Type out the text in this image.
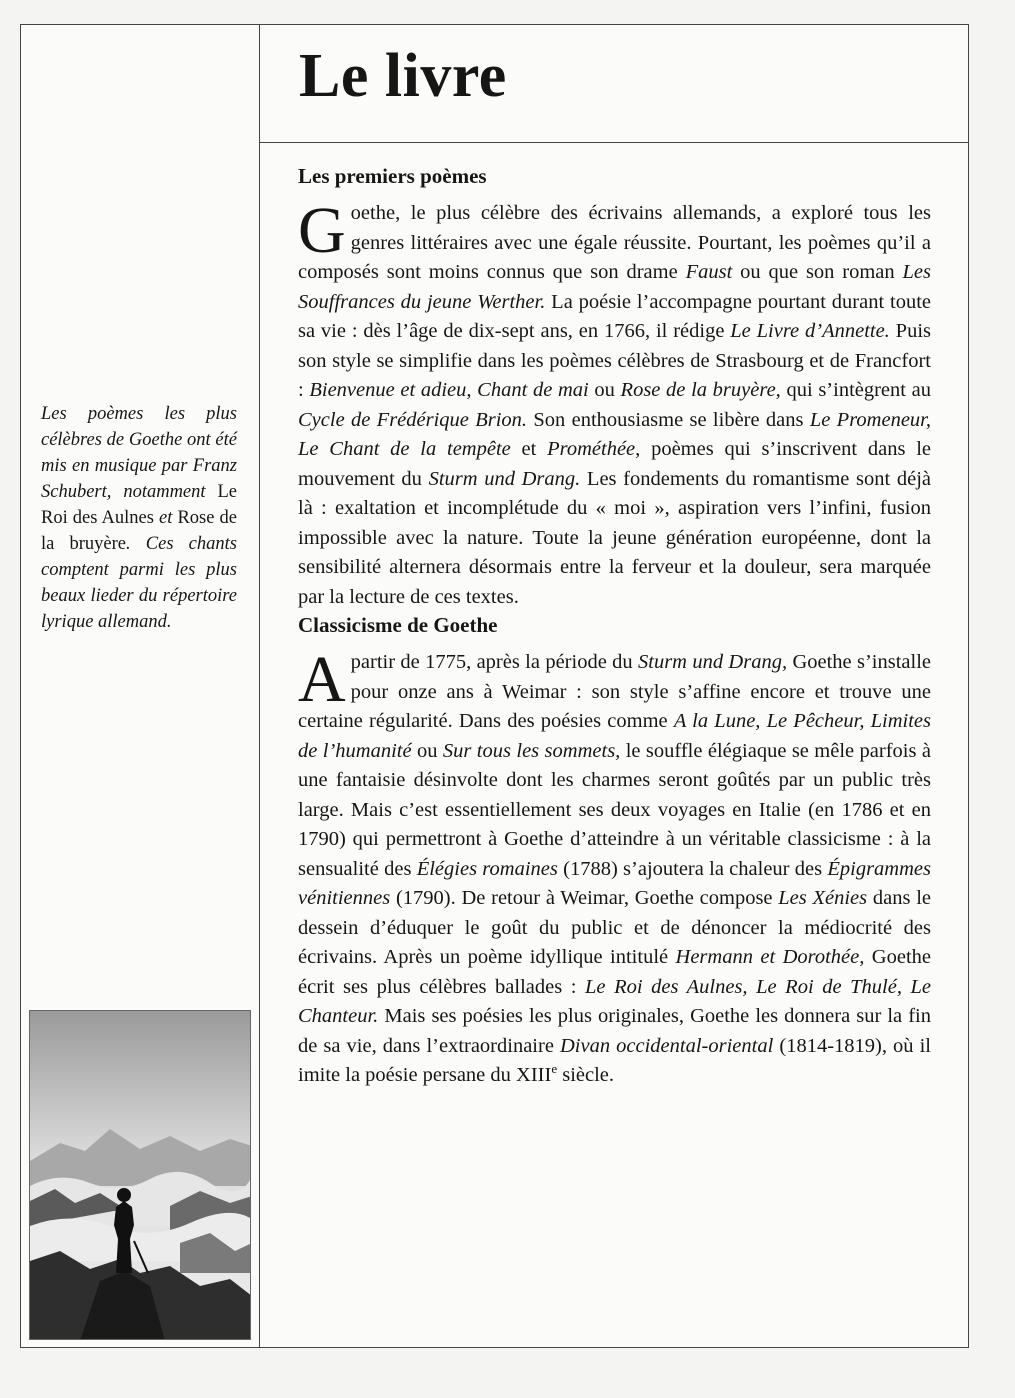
Le livre
Les poèmes les plus célèbres de Goethe ont été mis en musique par Franz Schubert, notamment Le Roi des Aulnes et Rose de la bruyère. Ces chants comptent parmi les plus beaux lieder du répertoire lyrique allemand.
Les premiers poèmes

Goethe, le plus célèbre des écrivains allemands, a exploré tous les genres littéraires avec une égale réussite. Pourtant, les poèmes qu’il a composés sont moins connus que son drame Faust ou que son roman Les Souffrances du jeune Werther. La poésie l’accompagne pourtant durant toute sa vie : dès l’âge de dix-sept ans, en 1766, il rédige Le Livre d’Annette. Puis son style se simplifie dans les poèmes célèbres de Strasbourg et de Francfort : Bienvenue et adieu, Chant de mai ou Rose de la bruyère, qui s’intègrent au Cycle de Frédérique Brion. Son enthousiasme se libère dans Le Promeneur, Le Chant de la tempête et Prométhée, poèmes qui s’inscrivent dans le mouvement du Sturm und Drang. Les fondements du romantisme sont déjà là : exaltation et incomplétude du « moi », aspiration vers l’infini, fusion impossible avec la nature. Toute la jeune génération européenne, dont la sensibilité alternera désormais entre la ferveur et la douleur, sera marquée par la lecture de ces textes.

Classicisme de Goethe

A partir de 1775, après la période du Sturm und Drang, Goethe s’installe pour onze ans à Weimar : son style s’affine encore et trouve une certaine régularité. Dans des poésies comme A la Lune, Le Pêcheur, Limites de l’humanité ou Sur tous les sommets, le souffle élégiaque se mêle parfois à une fantaisie désinvolte dont les charmes seront goûtés par un public très large. Mais c’est essentiellement ses deux voyages en Italie (en 1786 et en 1790) qui permettront à Goethe d’atteindre à un véritable classicisme : à la sensualité des Élégies romaines (1788) s’ajoutera la chaleur des Épigrammes vénitiennes (1790). De retour à Weimar, Goethe compose Les Xénies dans le dessein d’éduquer le goût du public et de dénoncer la médiocrité des écrivains. Après un poème idyllique intitulé Hermann et Dorothée, Goethe écrit ses plus célèbres ballades : Le Roi des Aulnes, Le Roi de Thulé, Le Chanteur. Mais ses poésies les plus originales, Goethe les donnera sur la fin de sa vie, dans l’extraordinaire Divan occidental-oriental (1814-1819), où il imite la poésie persane du XIIIe siècle.
